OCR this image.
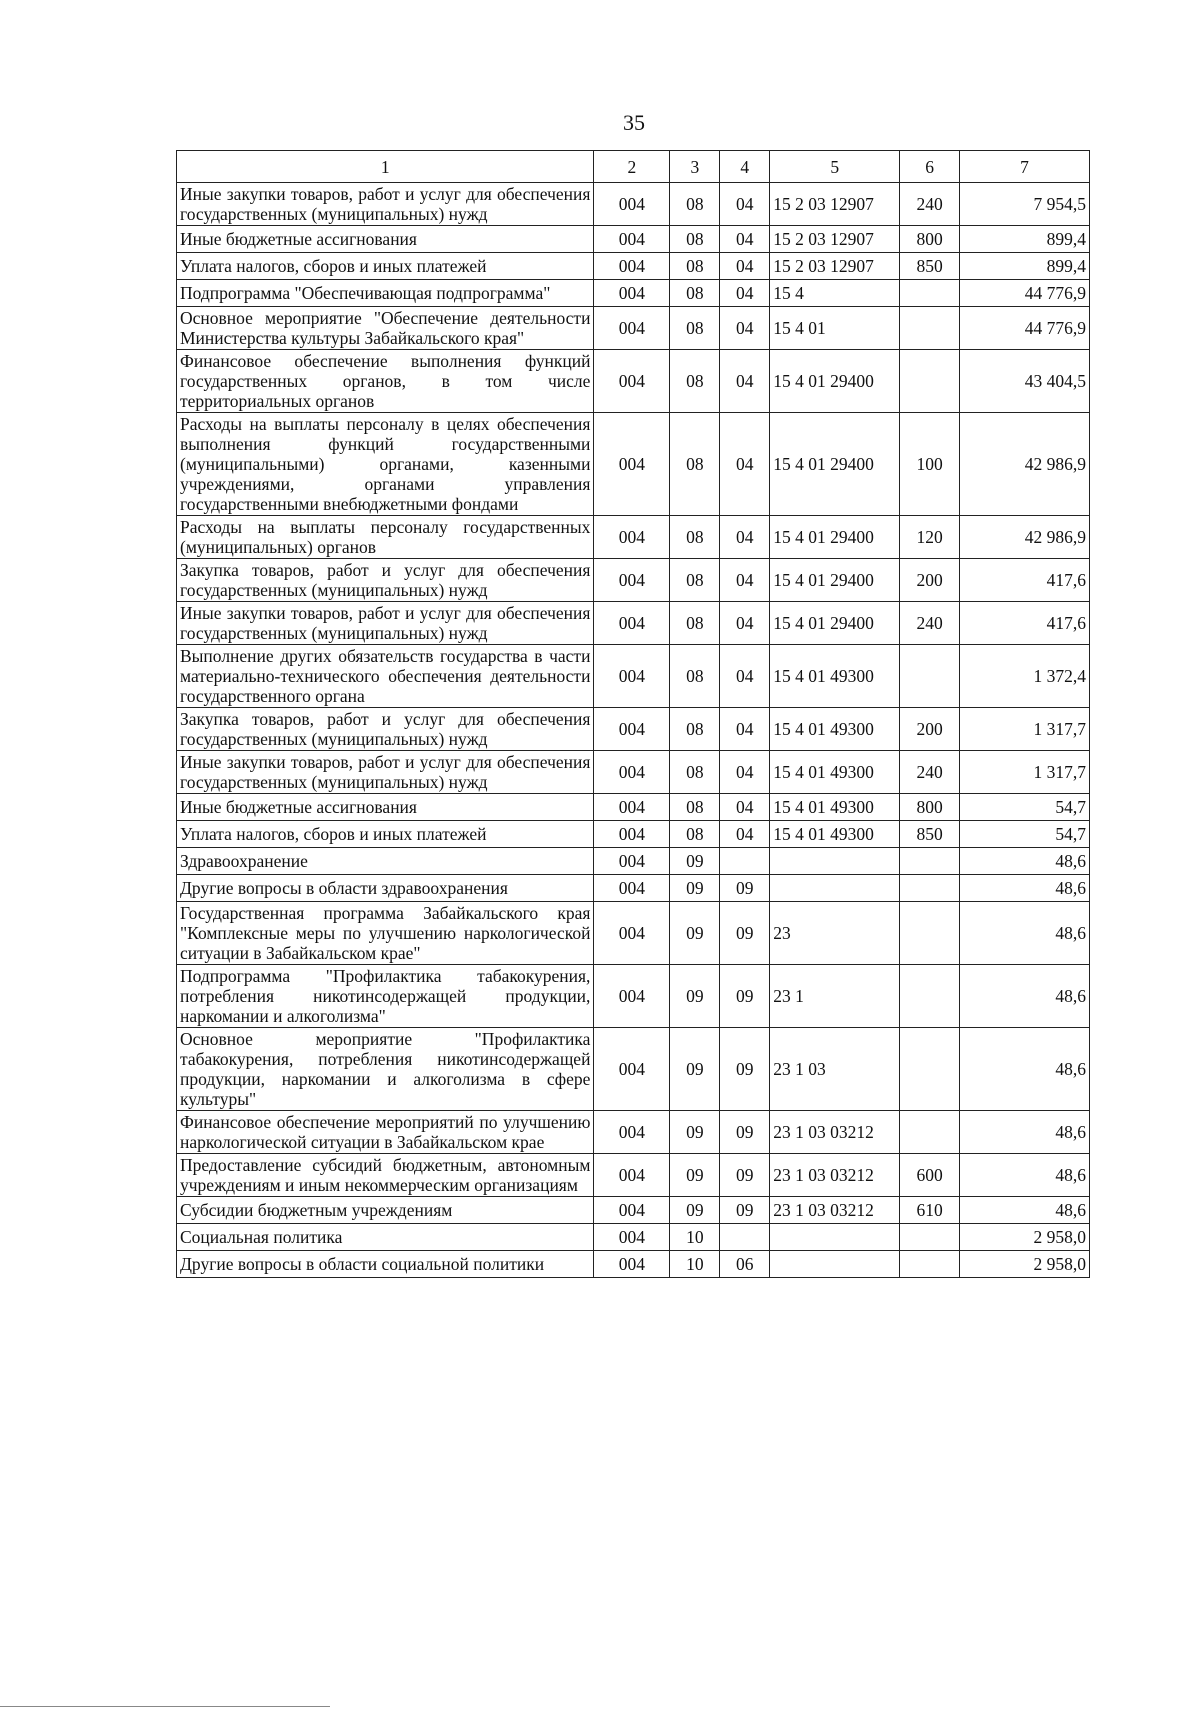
35
1	2	3	4	5	6	7
Иные закупки товаров, работ и услуг для обеспечения государственных (муниципальных) нужд	004	08	04	15 2 03 12907	240	7 954,5
Иные бюджетные ассигнования	004	08	04	15 2 03 12907	800	899,4
Уплата налогов, сборов и иных платежей	004	08	04	15 2 03 12907	850	899,4
Подпрограмма "Обеспечивающая подпрограмма"	004	08	04	15 4		44 776,9
Основное мероприятие "Обеспечение деятельности Министерства культуры Забайкальского края"	004	08	04	15 4 01		44 776,9
Финансовое обеспечение выполнения функций государственных органов, в том числе территориальных органов	004	08	04	15 4 01 29400		43 404,5
Расходы на выплаты персоналу в целях обеспечения выполнения функций государственными (муниципальными) органами, казенными учреждениями, органами управления государственными внебюджетными фондами	004	08	04	15 4 01 29400	100	42 986,9
Расходы на выплаты персоналу государственных (муниципальных) органов	004	08	04	15 4 01 29400	120	42 986,9
Закупка товаров, работ и услуг для обеспечения государственных (муниципальных) нужд	004	08	04	15 4 01 29400	200	417,6
Иные закупки товаров, работ и услуг для обеспечения государственных (муниципальных) нужд	004	08	04	15 4 01 29400	240	417,6
Выполнение других обязательств государства в части материально-технического обеспечения деятельности государственного органа	004	08	04	15 4 01 49300		1 372,4
Закупка товаров, работ и услуг для обеспечения государственных (муниципальных) нужд	004	08	04	15 4 01 49300	200	1 317,7
Иные закупки товаров, работ и услуг для обеспечения государственных (муниципальных) нужд	004	08	04	15 4 01 49300	240	1 317,7
Иные бюджетные ассигнования	004	08	04	15 4 01 49300	800	54,7
Уплата налогов, сборов и иных платежей	004	08	04	15 4 01 49300	850	54,7
Здравоохранение	004	09				48,6
Другие вопросы в области здравоохранения	004	09	09			48,6
Государственная программа Забайкальского края "Комплексные меры по улучшению наркологической ситуации в Забайкальском крае"	004	09	09	23		48,6
Подпрограмма "Профилактика табакокурения, потребления никотинсодержащей продукции, наркомании и алкоголизма"	004	09	09	23 1		48,6
Основное мероприятие "Профилактика табакокурения, потребления никотинсодержащей продукции, наркомании и алкоголизма в сфере культуры"	004	09	09	23 1 03		48,6
Финансовое обеспечение мероприятий по улучшению наркологической ситуации в Забайкальском крае	004	09	09	23 1 03 03212		48,6
Предоставление субсидий бюджетным, автономным учреждениям и иным некоммерческим организациям	004	09	09	23 1 03 03212	600	48,6
Субсидии бюджетным учреждениям	004	09	09	23 1 03 03212	610	48,6
Социальная политика	004	10				2 958,0
Другие вопросы в области социальной политики	004	10	06			2 958,0
